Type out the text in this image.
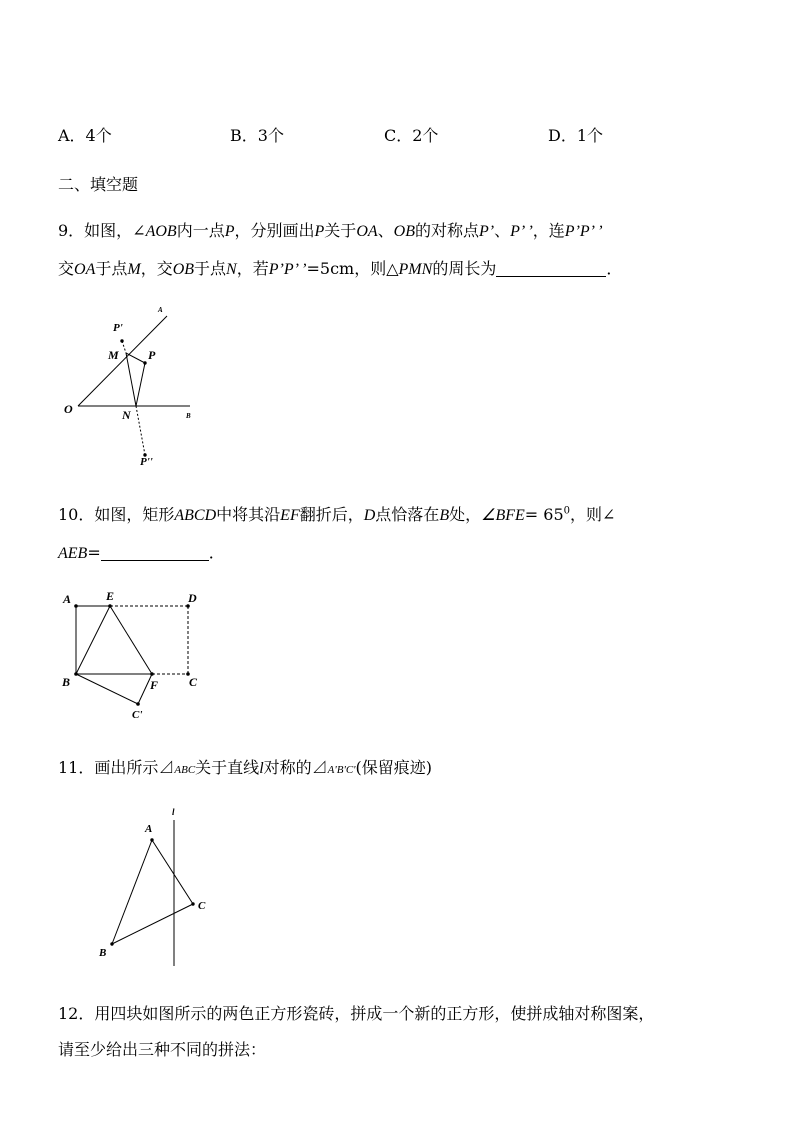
A．4个	B．3个	C．2个	D．1个
二、填空题
9．如图，∠AOB内一点P，分别画出P关于OA、OB的对称点P’、P’ ’，连P’P’ ’
交OA于点M，交OB于点N，若P’P’ ’=5cm，则△PMN的周长为	．
10．如图，矩形ABCD中将其沿EF翻折后，D点恰落在B处，∠BFE= $65^0$，则∠
AEB=	．
11．画出所示⊿ABC关于直线l对称的⊿A'B'C'(保留痕迹)
12．用四块如图所示的两色正方形瓷砖，拼成一个新的正方形，使拼成轴对称图案，
请至少给出三种不同的拼法：
A
B
O
M
N
P
P'
P''
A	E	D
B	F	C
C'
l
A
C
B
